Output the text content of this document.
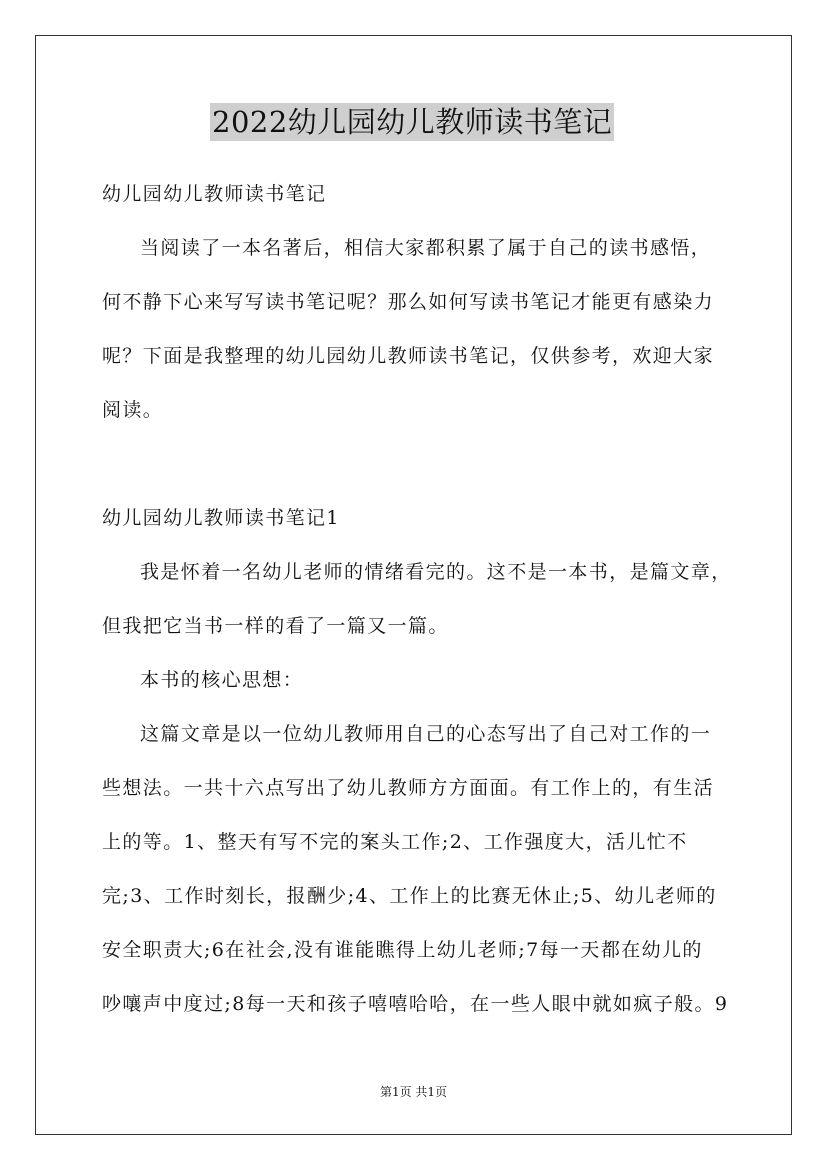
2022幼儿园幼儿教师读书笔记
幼儿园幼儿教师读书笔记
当阅读了一本名著后，相信大家都积累了属于自己的读书感悟，
何不静下心来写写读书笔记呢？那么如何写读书笔记才能更有感染力
呢？下面是我整理的幼儿园幼儿教师读书笔记，仅供参考，欢迎大家
阅读。
幼儿园幼儿教师读书笔记1
我是怀着一名幼儿老师的情绪看完的。这不是一本书，是篇文章，
但我把它当书一样的看了一篇又一篇。
本书的核心思想：
这篇文章是以一位幼儿教师用自己的心态写出了自己对工作的一
些想法。一共十六点写出了幼儿教师方方面面。有工作上的，有生活
上的等。1、整天有写不完的案头工作;2、工作强度大，活儿忙不
完;3、工作时刻长，报酬少;4、工作上的比赛无休止;5、幼儿老师的
安全职责大;6在社会,没有谁能瞧得上幼儿老师;7每一天都在幼儿的
吵嚷声中度过;8每一天和孩子嘻嘻哈哈，在一些人眼中就如疯子般。9
第1页 共1页
